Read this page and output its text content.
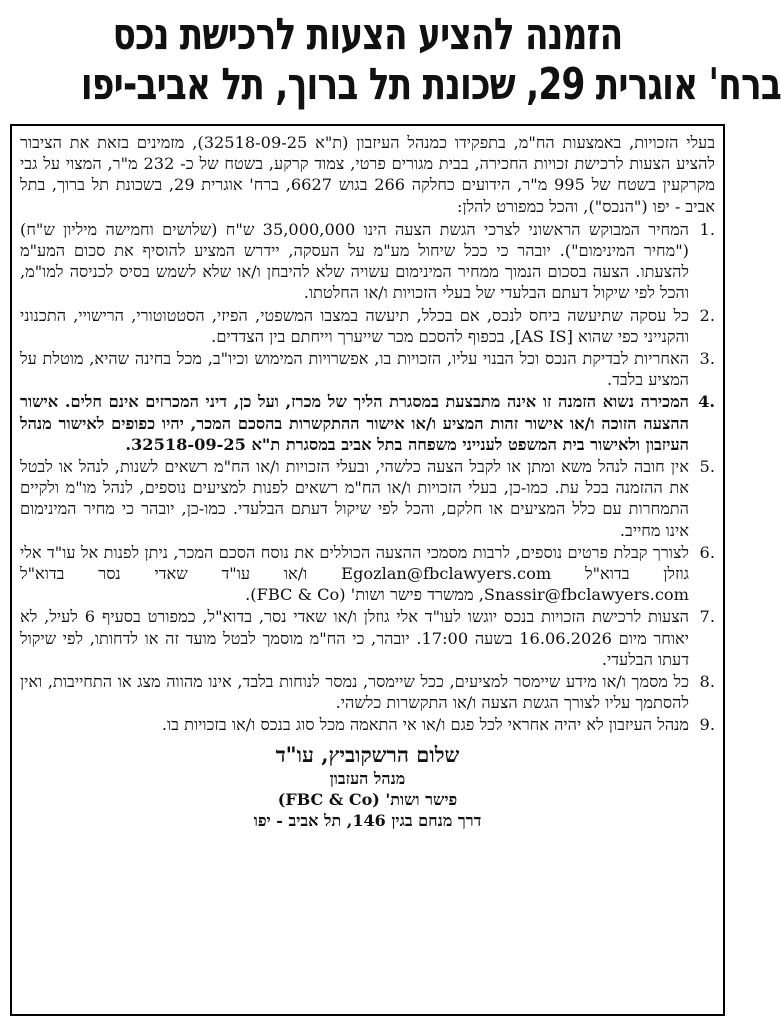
הזמנה להציע הצעות לרכישת נכס
ברח' אוגרית 29, שכונת תל ברוך, תל אביב-יפו

בעלי הזכויות, באמצעות הח"מ, בתפקידו כמנהל העיזבון (ת"א 32518-09-25), מזמינים בזאת את הציבור להציע הצעות לרכישת זכויות החכירה, בבית מגורים פרטי, צמוד קרקע, בשטח של כ- 232 מ"ר, המצוי על גבי מקרקעין בשטח של 995 מ"ר, הידועים כחלקה 266 בגוש 6627, ברח' אוגרית 29, בשכונת תל ברוך, בתל אביב - יפו ("הנכס"), והכל כמפורט להלן:

1.
המחיר המבוקש הראשוני לצרכי הגשת הצעה הינו 35,000,000 ש"ח (שלושים וחמישה מיליון ש"ח) ("מחיר המינימום"). יובהר כי ככל שיחול מע"מ על העסקה, יידרש המציע להוסיף את סכום המע"מ להצעתו. הצעה בסכום הנמוך ממחיר המינימום עשויה שלא להיבחן ו/או שלא לשמש בסיס לכניסה למו"מ, והכל לפי שיקול דעתם הבלעדי של בעלי הזכויות ו/או החלטתו.
2.
כל עסקה שתיעשה ביחס לנכס, אם בכלל, תיעשה במצבו המשפטי, הפיזי, הסטטוטורי, הרישויי, התכנוני והקנייני כפי שהוא [AS IS], בכפוף להסכם מכר שייערך וייחתם בין הצדדים.
3.
האחריות לבדיקת הנכס וכל הבנוי עליו, הזכויות בו, אפשרויות המימוש וכיו"ב, מכל בחינה שהיא, מוטלת על המציע בלבד.
4.
המכירה נשוא הזמנה זו אינה מתבצעת במסגרת הליך של מכרז, ועל כן, דיני המכרזים אינם חלים. אישור ההצעה הזוכה ו/או אישור זהות המציע ו/או אישור ההתקשרות בהסכם המכר, יהיו כפופים לאישור מנהל העיזבון ולאישור בית המשפט לענייני משפחה בתל אביב במסגרת ת"א 32518-09-25.
5.
אין חובה לנהל משא ומתן או לקבל הצעה כלשהי, ובעלי הזכויות ו/או הח"מ רשאים לשנות, לנהל או לבטל את ההזמנה בכל עת. כמו-כן, בעלי הזכויות ו/או הח"מ רשאים לפנות למציעים נוספים, לנהל מו"מ ולקיים התמחרות עם כלל המציעים או חלקם, והכל לפי שיקול דעתם הבלעדי. כמו-כן, יובהר כי מחיר המינימום אינו מחייב.
6.
לצורך קבלת פרטים נוספים, לרבות מסמכי ההצעה הכוללים את נוסח הסכם המכר, ניתן לפנות אל עו"ד אלי גוזלן בדוא"ל Egozlan@fbclawyers.com ו/או עו"ד שאדי נסר בדוא"ל Snassir@fbclawyers.com, ממשרד פישר ושות' (FBC & Co).
7.
הצעות לרכישת הזכויות בנכס יוגשו לעו"ד אלי גוזלן ו/או שאדי נסר, בדוא"ל, כמפורט בסעיף 6 לעיל, לא יאוחר מיום 16.06.2026 בשעה 17:00. יובהר, כי הח"מ מוסמך לבטל מועד זה או לדחותו, לפי שיקול דעתו הבלעדי.
8.
כל מסמך ו/או מידע שיימסר למציעים, ככל שיימסר, נמסר לנוחות בלבד, אינו מהווה מצג או התחייבות, ואין להסתמך עליו לצורך הגשת הצעה ו/או התקשרות כלשהי.
9.
מנהל העיזבון לא יהיה אחראי לכל פגם ו/או אי התאמה מכל סוג בנכס ו/או בזכויות בו.
שלום הרשקוביץ, עו"ד
מנהל העזבון
פישר ושות' (FBC & Co)
דרך מנחם בגין 146, תל אביב - יפו
